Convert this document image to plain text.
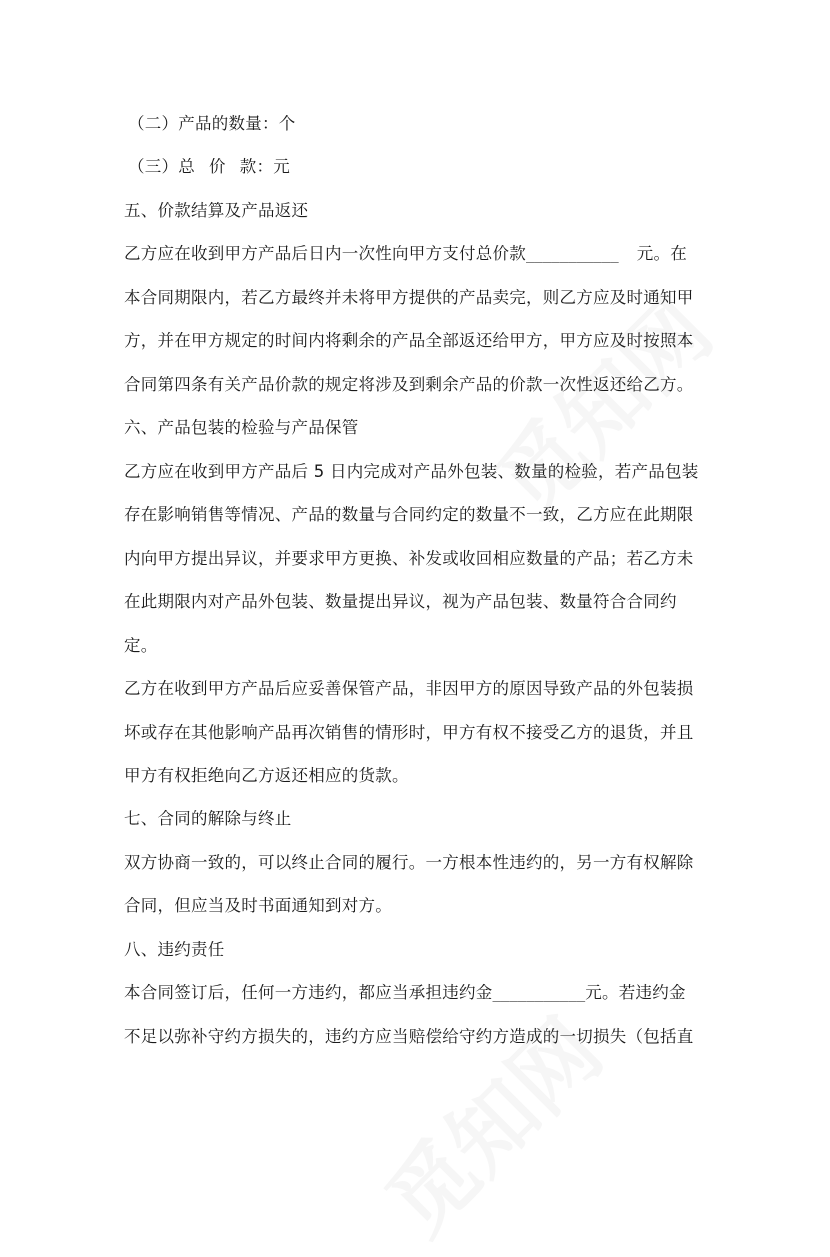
（二）产品的数量：个
（三）总 价 款：元
五、价款结算及产品返还
乙方应在收到甲方产品后日内一次性向甲方支付总价款___________ 元。在
本合同期限内，若乙方最终并未将甲方提供的产品卖完，则乙方应及时通知甲
方，并在甲方规定的时间内将剩余的产品全部返还给甲方，甲方应及时按照本
合同第四条有关产品价款的规定将涉及到剩余产品的价款一次性返还给乙方。
六、产品包装的检验与产品保管
乙方应在收到甲方产品后 5 日内完成对产品外包装、数量的检验，若产品包装
存在影响销售等情况、产品的数量与合同约定的数量不一致，乙方应在此期限
内向甲方提出异议，并要求甲方更换、补发或收回相应数量的产品；若乙方未
在此期限内对产品外包装、数量提出异议，视为产品包装、数量符合合同约
定。
乙方在收到甲方产品后应妥善保管产品，非因甲方的原因导致产品的外包装损
坏或存在其他影响产品再次销售的情形时，甲方有权不接受乙方的退货，并且
甲方有权拒绝向乙方返还相应的货款。
七、合同的解除与终止
双方协商一致的，可以终止合同的履行。一方根本性违约的，另一方有权解除
合同，但应当及时书面通知到对方。
八、违约责任
本合同签订后，任何一方违约，都应当承担违约金___________元。若违约金
不足以弥补守约方损失的，违约方应当赔偿给守约方造成的一切损失（包括直
